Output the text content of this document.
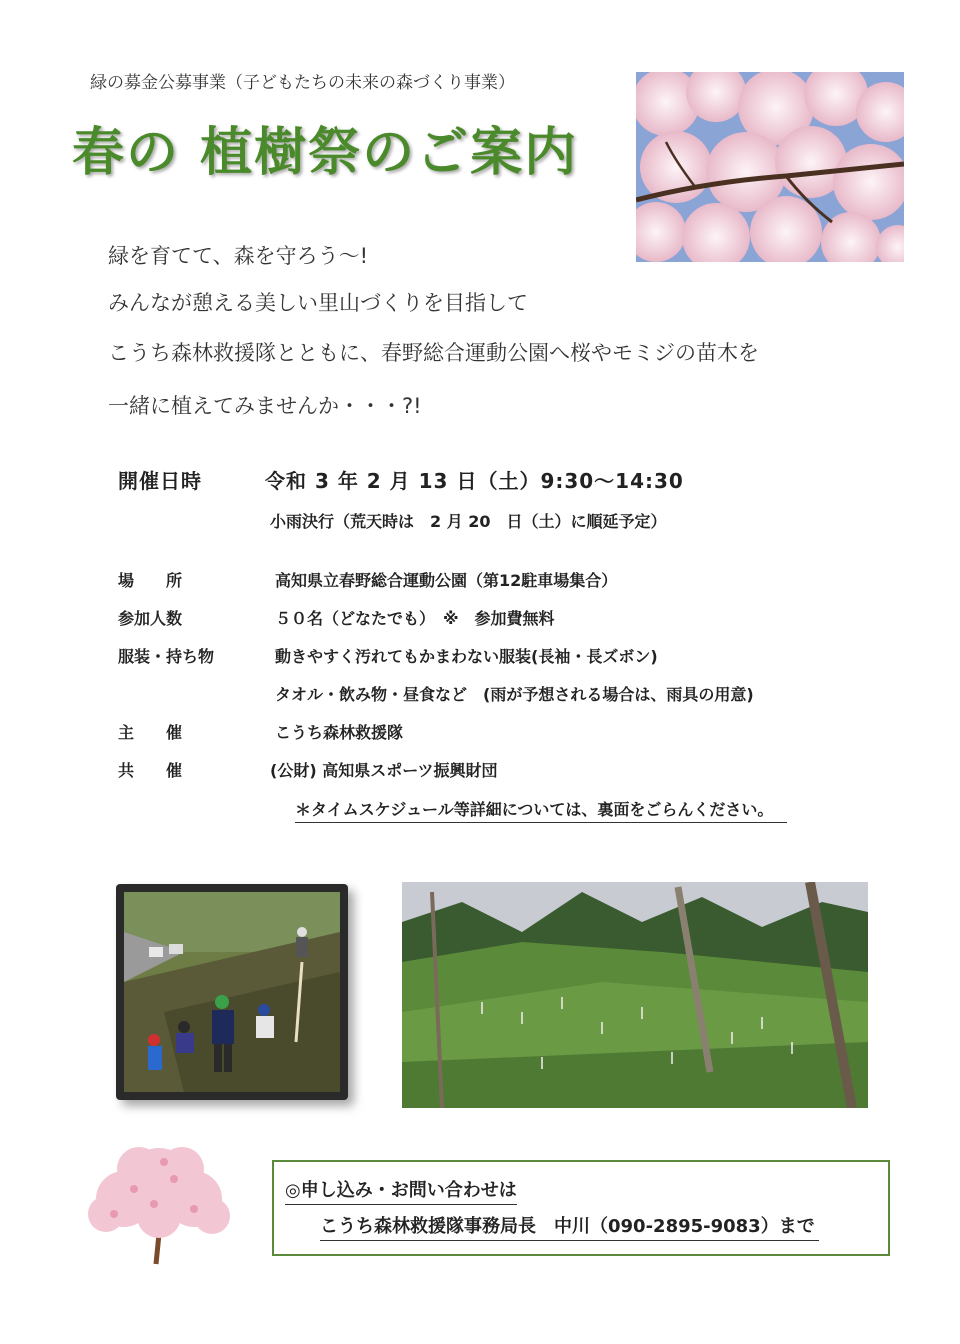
緑の募金公募事業（子どもたちの未来の森づくり事業）
春の 植樹祭のご案内
緑を育てて、森を守ろう～!
みんなが憩える美しい里山づくりを目指して
こうち森林救援隊とともに、春野総合運動公園へ桜やモミジの苗木を
一緒に植えてみませんか・・・?!
開催日時	令和 3 年 2 月 13 日（土）9:30～14:30
小雨決行（荒天時は　2 月 20　日（土）に順延予定）
場　　所	高知県立春野総合運動公園（第12駐車場集合）
参加人数	５０名（どなたでも）　※　参加費無料
服装・持ち物	動きやすく汚れてもかまわない服装(長袖・長ズボン)
タオル・飲み物・昼食など　(雨が予想される場合は、雨具の用意)
主　　催	こうち森林救援隊
共　　催	(公財) 高知県スポーツ振興財団
＊タイムスケジュール等詳細については、裏面をごらんください。
◎申し込み・お問い合わせは
こうち森林救援隊事務局長　中川（090-2895-9083）まで
